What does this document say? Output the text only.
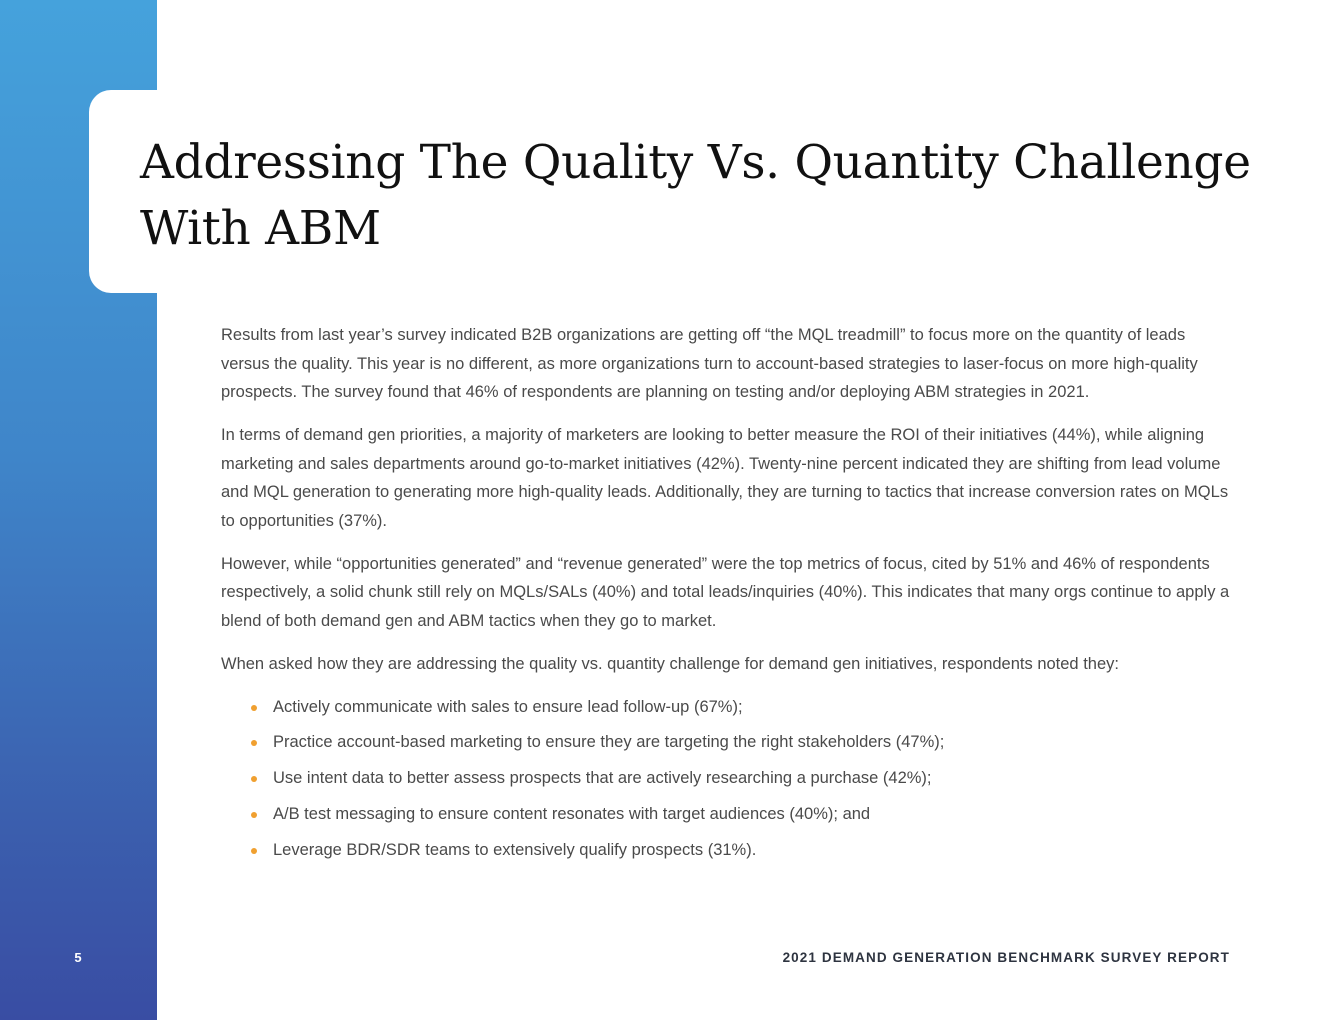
Addressing The Quality Vs. Quantity Challenge
With ABM

Results from last year’s survey indicated B2B organizations are getting off “the MQL treadmill” to focus more on the quantity of leads versus the quality. This year is no different, as more organizations turn to account-based strategies to laser-focus on more high-quality prospects. The survey found that 46% of respondents are planning on testing and/or deploying ABM strategies in 2021.

In terms of demand gen priorities, a majority of marketers are looking to better measure the ROI of their initiatives (44%), while aligning marketing and sales departments around go-to-market initiatives (42%). Twenty-nine percent indicated they are shifting from lead volume and MQL generation to generating more high-quality leads. Additionally, they are turning to tactics that increase conversion rates on MQLs to opportunities (37%).

However, while “opportunities generated” and “revenue generated” were the top metrics of focus, cited by 51% and 46% of respondents respectively, a solid chunk still rely on MQLs/SALs (40%) and total leads/inquiries (40%). This indicates that many orgs continue to apply a blend of both demand gen and ABM tactics when they go to market.

When asked how they are addressing the quality vs. quantity challenge for demand gen initiatives, respondents noted they:

Actively communicate with sales to ensure lead follow-up (67%);
Practice account-based marketing to ensure they are targeting the right stakeholders (47%);
Use intent data to better assess prospects that are actively researching a purchase (42%);
A/B test messaging to ensure content resonates with target audiences (40%); and
Leverage BDR/SDR teams to extensively qualify prospects (31%).
5	2021 DEMAND GENERATION BENCHMARK SURVEY REPORT
